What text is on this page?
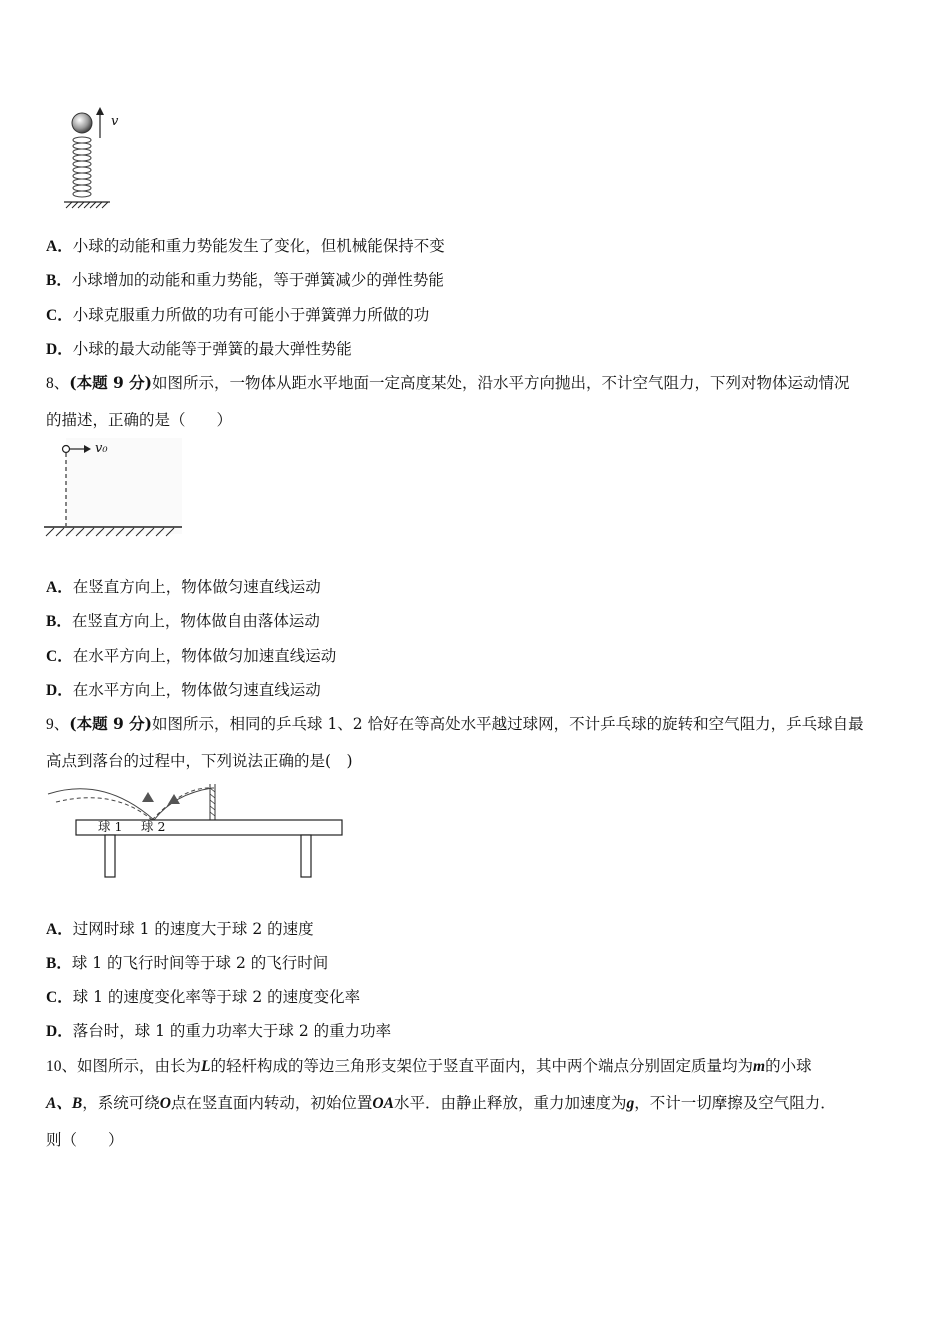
v
A．小球的动能和重力势能发生了变化，但机械能保持不变
B．小球增加的动能和重力势能，等于弹簧减少的弹性势能
C．小球克服重力所做的功有可能小于弹簧弹力所做的功
D．小球的最大动能等于弹簧的最大弹性势能
8、(本题 9 分)如图所示，一物体从距水平地面一定高度某处，沿水平方向抛出，不计空气阻力，下列对物体运动情况
的描述，正确的是（　　）
v₀
A．在竖直方向上，物体做匀速直线运动
B．在竖直方向上，物体做自由落体运动
C．在水平方向上，物体做匀加速直线运动
D．在水平方向上，物体做匀速直线运动
9、(本题 9 分)如图所示，相同的乒乓球 1、2 恰好在等高处水平越过球网，不计乒乓球的旋转和空气阻力，乒乓球自最
高点到落台的过程中，下列说法正确的是(　)
球 1 球 2
A．过网时球 1 的速度大于球 2 的速度
B．球 1 的飞行时间等于球 2 的飞行时间
C．球 1 的速度变化率等于球 2 的速度变化率
D．落台时，球 1 的重力功率大于球 2 的重力功率
10、如图所示，由长为L的轻杆构成的等边三角形支架位于竖直平面内，其中两个端点分别固定质量均为m的小球
A、B，系统可绕O点在竖直面内转动，初始位置OA水平．由静止释放，重力加速度为g，不计一切摩擦及空气阻力．
则（　　）
